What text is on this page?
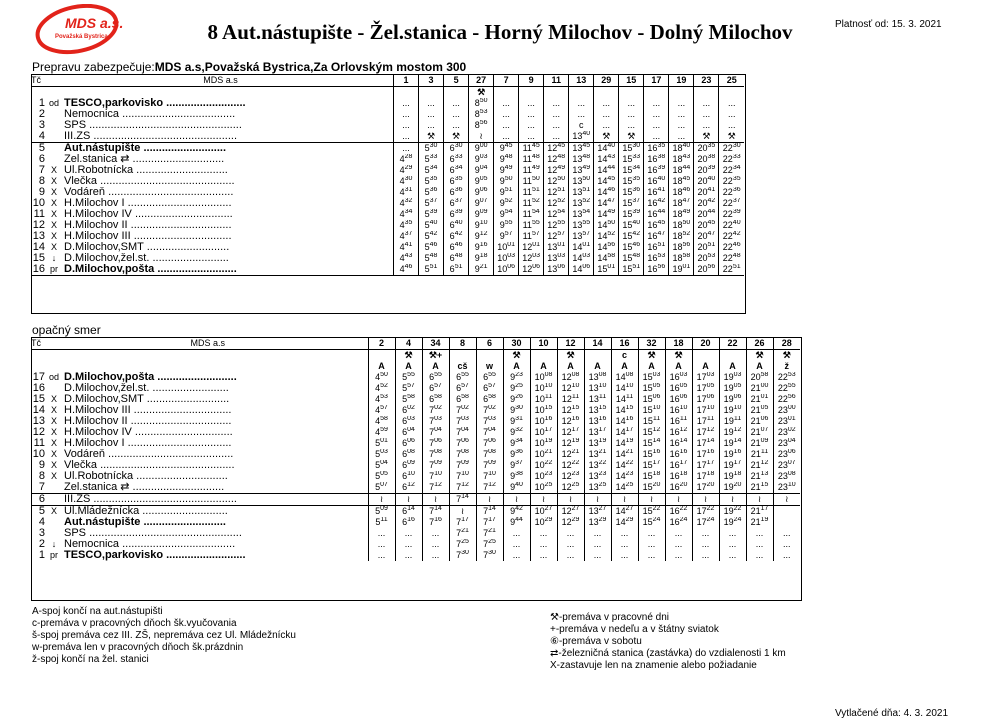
MDS a.s.
Považská Bystrica	8 Aut.nástupište - Žel.stanica - Horný Milochov - Dolný Milochov	Platnosť od: 15. 3. 2021
Prepravu zabezpečuje:MDS a.s,Považská Bystrica,Za Orlovským mostom 300
Tč	MDS a.s		1	3	5	27	7	9	11	13	29	15	17	19	23	25
						⚒										
1	od	TESCO,parkovisko ..........................	...	...	...	$8^{50}$	...	...	...	...	...	...	...	...	...	...
2		Nemocnica .....................................	...	...	...	$8^{53}$	...	...	...	...	...	...	...	...	...	...
3		SPŠ ..................................................	...	...	...	$8^{56}$	...	...	...	c	...	...	...	...	...	...
4		III.ZŠ ...............................................	...	⚒	⚒	≀	...	...	...	$13^{40}$	⚒	⚒	...	...	⚒	⚒
5		Aut.nástupište ...........................	...	$5^{30}$	$6^{30}$	$9^{00}$	$9^{45}$	$11^{45}$	$12^{45}$	$13^{45}$	$14^{40}$	$15^{30}$	$16^{35}$	$18^{40}$	$20^{35}$	$22^{30}$
6		Žel.stanica ⇄ ..............................	$4^{28}$	$5^{33}$	$6^{33}$	$9^{03}$	$9^{48}$	$11^{48}$	$12^{48}$	$13^{48}$	$14^{43}$	$15^{33}$	$16^{38}$	$18^{43}$	$20^{38}$	$22^{33}$
7	X	Ul.Robotnícka ..............................	$4^{29}$	$5^{34}$	$6^{34}$	$9^{04}$	$9^{49}$	$11^{49}$	$12^{49}$	$13^{49}$	$14^{44}$	$15^{34}$	$16^{39}$	$18^{44}$	$20^{39}$	$22^{34}$
8	X	Vlečka ............................................	$4^{30}$	$5^{35}$	$6^{35}$	$9^{05}$	$9^{50}$	$11^{50}$	$12^{50}$	$13^{50}$	$14^{45}$	$15^{35}$	$16^{40}$	$18^{45}$	$20^{40}$	$22^{35}$
9	X	Vodáreň .........................................	$4^{31}$	$5^{36}$	$6^{36}$	$9^{06}$	$9^{51}$	$11^{51}$	$12^{51}$	$13^{51}$	$14^{46}$	$15^{36}$	$16^{41}$	$18^{46}$	$20^{41}$	$22^{36}$
10	X	H.Milochov I ..................................	$4^{32}$	$5^{37}$	$6^{37}$	$9^{07}$	$9^{52}$	$11^{52}$	$12^{52}$	$13^{52}$	$14^{47}$	$15^{37}$	$16^{42}$	$18^{47}$	$20^{42}$	$22^{37}$
11	X	H.Milochov IV ................................	$4^{34}$	$5^{39}$	$6^{39}$	$9^{09}$	$9^{54}$	$11^{54}$	$12^{54}$	$13^{54}$	$14^{49}$	$15^{39}$	$16^{44}$	$18^{49}$	$20^{44}$	$22^{39}$
12	X	H.Milochov II .................................	$4^{35}$	$5^{40}$	$6^{40}$	$9^{10}$	$9^{55}$	$11^{55}$	$12^{55}$	$13^{55}$	$14^{50}$	$15^{40}$	$16^{45}$	$18^{50}$	$20^{45}$	$22^{40}$
13	X	H.Milochov III ................................	$4^{37}$	$5^{42}$	$6^{42}$	$9^{12}$	$9^{57}$	$11^{57}$	$12^{57}$	$13^{57}$	$14^{52}$	$15^{42}$	$16^{47}$	$18^{52}$	$20^{47}$	$22^{42}$
14	X	D.Milochov,SMT ...........................	$4^{41}$	$5^{46}$	$6^{46}$	$9^{16}$	$10^{01}$	$12^{01}$	$13^{01}$	$14^{01}$	$14^{56}$	$15^{46}$	$16^{51}$	$18^{56}$	$20^{51}$	$22^{46}$
15	↓	D.Milochov,žel.st. .........................	$4^{43}$	$5^{48}$	$6^{48}$	$9^{18}$	$10^{03}$	$12^{03}$	$13^{03}$	$14^{03}$	$14^{58}$	$15^{48}$	$16^{53}$	$18^{58}$	$20^{53}$	$22^{48}$
16	pr	D.Milochov,pošta ..........................	$4^{46}$	$5^{51}$	$6^{51}$	$9^{21}$	$10^{06}$	$12^{06}$	$13^{06}$	$14^{06}$	$15^{01}$	$15^{51}$	$16^{56}$	$19^{01}$	$20^{56}$	$22^{51}$
opačný smer
Tč	MDS a.s		2	4	34	8	6	30	10	12	14	16	32	18	20	22	26	28
				⚒	⚒+			⚒		⚒		c	⚒	⚒			⚒	⚒
			A	A	A	cš	w	A	A	A	A	A	A	A	A	A	A	ž
17	od	D.Milochov,pošta ..........................	$4^{50}$	$5^{55}$	$6^{55}$	$6^{55}$	$6^{55}$	$9^{23}$	$10^{08}$	$12^{08}$	$13^{08}$	$14^{08}$	$15^{03}$	$16^{03}$	$17^{03}$	$19^{03}$	$20^{58}$	$22^{53}$
16		D.Milochov,žel.st. .........................	$4^{52}$	$5^{57}$	$6^{57}$	$6^{57}$	$6^{57}$	$9^{25}$	$10^{10}$	$12^{10}$	$13^{10}$	$14^{10}$	$15^{05}$	$16^{05}$	$17^{05}$	$19^{05}$	$21^{00}$	$22^{55}$
15	X	D.Milochov,SMT ...........................	$4^{53}$	$5^{58}$	$6^{58}$	$6^{58}$	$6^{58}$	$9^{26}$	$10^{11}$	$12^{11}$	$13^{11}$	$14^{11}$	$15^{06}$	$16^{06}$	$17^{06}$	$19^{06}$	$21^{01}$	$22^{56}$
14	X	H.Milochov III ................................	$4^{57}$	$6^{02}$	$7^{02}$	$7^{02}$	$7^{02}$	$9^{30}$	$10^{15}$	$12^{15}$	$13^{15}$	$14^{15}$	$15^{10}$	$16^{10}$	$17^{10}$	$19^{10}$	$21^{05}$	$23^{00}$
13	X	H.Milochov II .................................	$4^{58}$	$6^{03}$	$7^{03}$	$7^{03}$	$7^{03}$	$9^{31}$	$10^{16}$	$12^{16}$	$13^{16}$	$14^{16}$	$15^{11}$	$16^{11}$	$17^{11}$	$19^{11}$	$21^{06}$	$23^{01}$
12	X	H.Milochov IV ................................	$4^{59}$	$6^{04}$	$7^{04}$	$7^{04}$	$7^{04}$	$9^{32}$	$10^{17}$	$12^{17}$	$13^{17}$	$14^{17}$	$15^{12}$	$16^{12}$	$17^{12}$	$19^{12}$	$21^{07}$	$23^{02}$
11	X	H.Milochov I ..................................	$5^{01}$	$6^{06}$	$7^{06}$	$7^{06}$	$7^{06}$	$9^{34}$	$10^{19}$	$12^{19}$	$13^{19}$	$14^{19}$	$15^{14}$	$16^{14}$	$17^{14}$	$19^{14}$	$21^{09}$	$23^{04}$
10	X	Vodáreň .........................................	$5^{03}$	$6^{08}$	$7^{08}$	$7^{08}$	$7^{08}$	$9^{36}$	$10^{21}$	$12^{21}$	$13^{21}$	$14^{21}$	$15^{16}$	$16^{16}$	$17^{16}$	$19^{16}$	$21^{11}$	$23^{06}$
9	X	Vlečka ............................................	$5^{04}$	$6^{09}$	$7^{09}$	$7^{09}$	$7^{09}$	$9^{37}$	$10^{22}$	$12^{22}$	$13^{22}$	$14^{22}$	$15^{17}$	$16^{17}$	$17^{17}$	$19^{17}$	$21^{12}$	$23^{07}$
8	X	Ul.Robotnícka ..............................	$5^{05}$	$6^{10}$	$7^{10}$	$7^{10}$	$7^{10}$	$9^{38}$	$10^{23}$	$12^{23}$	$13^{23}$	$14^{23}$	$15^{18}$	$16^{18}$	$17^{18}$	$19^{18}$	$21^{13}$	$23^{08}$
7		Žel.stanica ⇄ ..............................	$5^{07}$	$6^{12}$	$7^{12}$	$7^{12}$	$7^{12}$	$9^{40}$	$10^{25}$	$12^{25}$	$13^{25}$	$14^{25}$	$15^{20}$	$16^{20}$	$17^{20}$	$19^{20}$	$21^{15}$	$23^{10}$
6		III.ZŠ ...............................................	≀	≀	≀	$7^{14}$	≀	≀	≀	≀	≀	≀	≀	≀	≀	≀	≀	≀
5	X	Ul.Mládežnícka ............................	$5^{09}$	$6^{14}$	$7^{14}$	≀	$7^{14}$	$9^{42}$	$10^{27}$	$12^{27}$	$13^{27}$	$14^{27}$	$15^{22}$	$16^{22}$	$17^{22}$	$19^{22}$	$21^{17}$	
4		Aut.nástupište ...........................	$5^{11}$	$6^{16}$	$7^{16}$	$7^{17}$	$7^{17}$	$9^{44}$	$10^{29}$	$12^{29}$	$13^{29}$	$14^{29}$	$15^{24}$	$16^{24}$	$17^{24}$	$19^{24}$	$21^{19}$	
3		SPŠ ..................................................	...	...	...	$7^{21}$	$7^{21}$	...	...	...	...	...	...	...	...	...	...	...
2	↓	Nemocnica .....................................	...	...	...	$7^{25}$	$7^{25}$	...	...	...	...	...	...	...	...	...	...	...
1	pr	TESCO,parkovisko ..........................	...	...	...	$7^{30}$	$7^{30}$	...	...	...	...	...	...	...	...	...	...	...
A-spoj končí na aut.nástupišti
c-premáva v pracovných dňoch šk.vyučovania
š-spoj premáva cez III. ZŠ, nepremáva cez Ul. Mládežnícku
w-premáva len v pracovných dňoch šk.prázdnin
ž-spoj končí na žel. stanici
⚒-premáva v pracovné dni
+-premáva v nedeľu a v štátny sviatok
⑥-premáva v sobotu
⇄-železničná stanica (zastávka) do vzdialenosti 1 km
X-zastavuje len na znamenie alebo požiadanie
Vytlačené dňa: 4. 3. 2021
